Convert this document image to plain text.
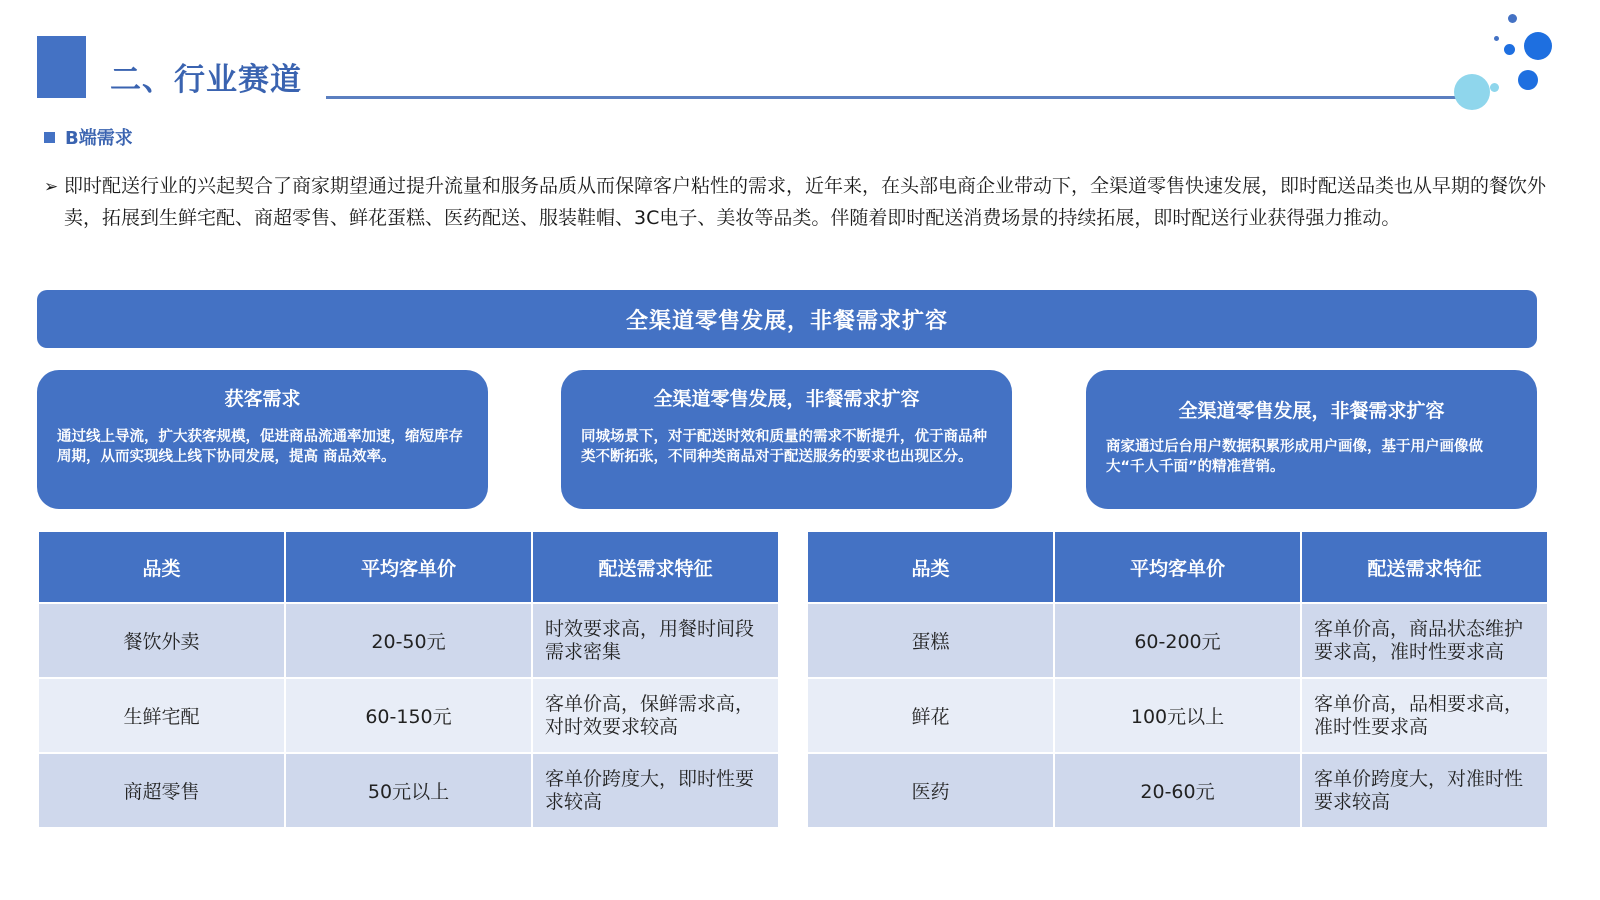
二、行业赛道
B端需求
➢ 即时配送行业的兴起契合了商家期望通过提升流量和服务品质从而保障客户粘性的需求，近年来，在头部电商企业带动下，全渠道零售快速发展，即时配送品类也从早期的餐饮外卖，拓展到生鲜宅配、商超零售、鲜花蛋糕、医药配送、服装鞋帽、3C电子、美妆等品类。伴随着即时配送消费场景的持续拓展，即时配送行业获得强力推动。
全渠道零售发展，非餐需求扩容
获客需求
通过线上导流，扩大获客规模，促进商品流通率加速，缩短库存周期，从而实现线上线下协同发展，提高 商品效率。
全渠道零售发展，非餐需求扩容
同城场景下，对于配送时效和质量的需求不断提升，优于商品种类不断拓张，不同种类商品对于配送服务的要求也出现区分。
全渠道零售发展，非餐需求扩容
商家通过后台用户数据积累形成用户画像，基于用户画像做大“千人千面”的精准营销。
品类	平均客单价	配送需求特征
餐饮外卖	20-50元	时效要求高，用餐时间段需求密集
生鲜宅配	60-150元	客单价高，保鲜需求高，对时效要求较高
商超零售	50元以上	客单价跨度大，即时性要求较高
品类	平均客单价	配送需求特征
蛋糕	60-200元	客单价高，商品状态维护要求高，准时性要求高
鲜花	100元以上	客单价高，品相要求高，准时性要求高
医药	20-60元	客单价跨度大，对准时性要求较高
